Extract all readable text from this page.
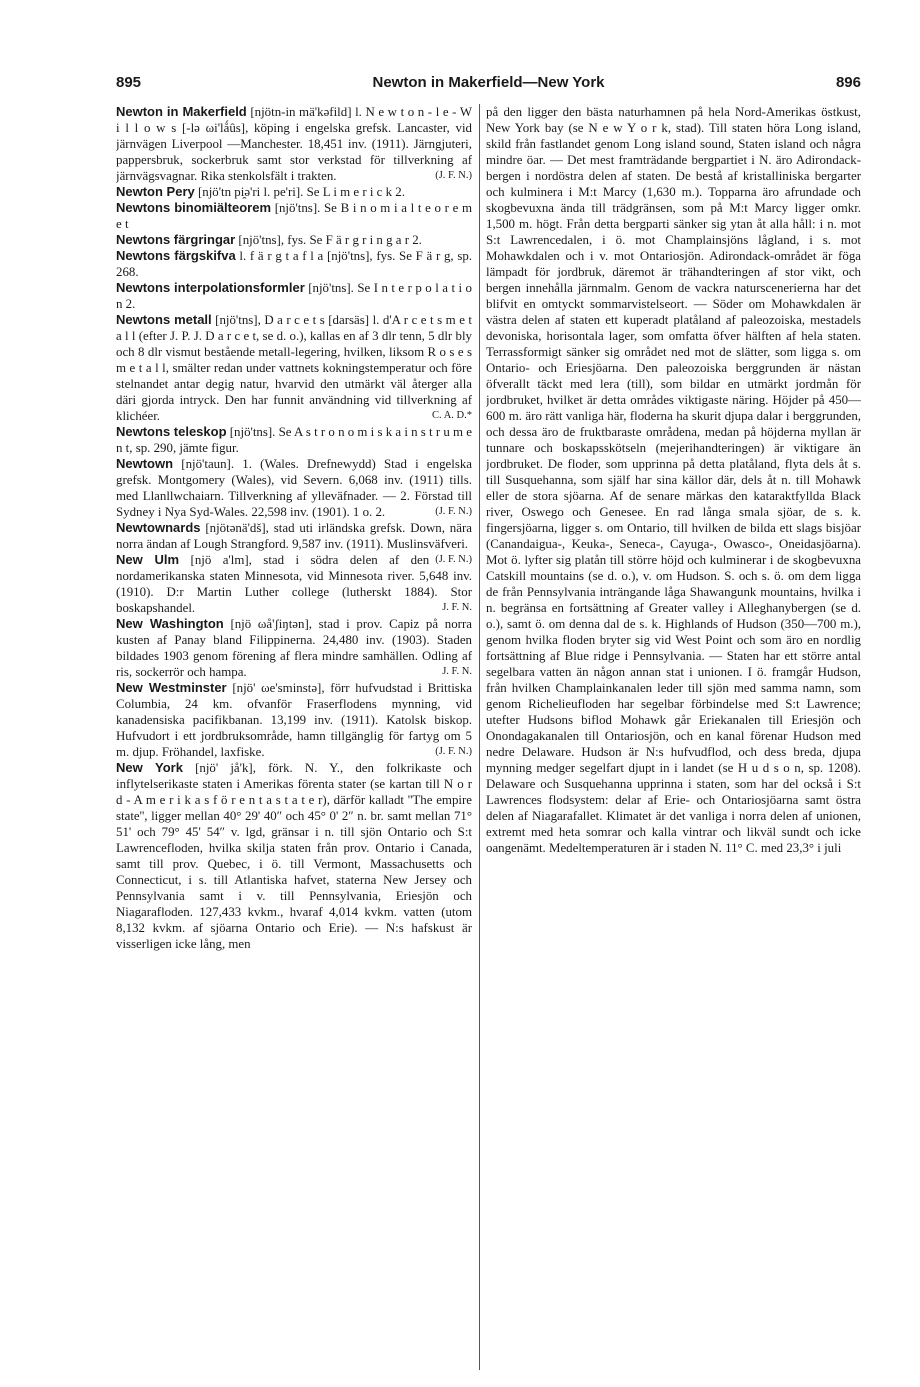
895	Newton in Makerfield—New York	896

Newton in Makerfield [njötn-in mä'kəfild] l. N e w t o n - l e - W i l l o w s [-lə ωi'lǻûs], köping i engelska grefsk. Lancaster, vid järnvägen Liverpool —Manchester. 18,451 inv. (1911). Järngjuteri, pappersbruk, sockerbruk samt stor verkstad för tillverkning af järnvägsvagnar. Rika stenkolsfält i trakten.	(J. F. N.)

Newton Pery [njö'tn pi̯ə'ri l. pe'ri]. Se L i m e r i c k 2.

Newtons binomiälteorem [njö'tns]. Se B i n o m i a l t e o r e m e t

Newtons färgringar [njö'tns], fys. Se F ä r g r i n g a r 2.

Newtons färgskifva l. f ä r g t a f l a [njö'tns], fys. Se F ä r g, sp. 268.

Newtons interpolationsformler [njö'tns]. Se I n t e r p o l a t i o n 2.

Newtons metall [njö'tns], D a r c e t s [darsäs] l. d'A r c e t s m e t a l l (efter J. P. J. D a r c e t, se d. o.), kallas en af 3 dlr tenn, 5 dlr bly och 8 dlr vismut bestående metall-legering, hvilken, liksom R o s e s m e t a l l, smälter redan under vattnets kokningstemperatur och före stelnandet antar degig natur, hvarvid den utmärkt väl återger alla däri gjorda intryck. Den har funnit användning vid tillverkning af klichéer.	C. A. D.*

Newtons teleskop [njö'tns]. Se A s t r o n o m i s k a i n s t r u m e n t, sp. 290, jämte figur.

Newtown [njö'taun]. 1. (Wales. Drefnewydd) Stad i engelska grefsk. Montgomery (Wales), vid Severn. 6,068 inv. (1911) tills. med Llanllwchaiarn. Tillverkning af ylleväfnader. — 2. Förstad till Sydney i Nya Syd-Wales. 22,598 inv. (1901). 1 o. 2.	(J. F. N.)

Newtownards [njötənä'dš], stad uti irländska grefsk. Down, nära norra ändan af Lough Strangford. 9,587 inv. (1911). Muslinsväfveri.
(J. F. N.)

New Ulm [njö a'lm], stad i södra delen af den nordamerikanska staten Minnesota, vid Minnesota river. 5,648 inv. (1910). D:r Martin Luther college (lutherskt 1884). Stor boskapshandel.	J. F. N.

New Washington [njö ωå'ʃiŋtən], stad i prov. Capiz på norra kusten af Panay bland Filippinerna. 24,480 inv. (1903). Staden bildades 1903 genom förening af flera mindre samhällen. Odling af ris, sockerrör och hampa.	J. F. N.

New Westminster [njö' ωe'sminstə], förr hufvudstad i Brittiska Columbia, 24 km. ofvanför Fraserflodens mynning, vid kanadensiska pacifikbanan. 13,199 inv. (1911). Katolsk biskop. Hufvudort i ett jordbruksområde, hamn tillgänglig för fartyg om 5 m. djup. Fröhandel, laxfiske.	(J. F. N.)

New York [njö' jå'k], förk. N. Y., den folkrikaste och inflytelserikaste staten i Amerikas förenta stater (se kartan till N o r d - A m e r i k a s f ö r e n t a s t a t e r), därför kalladt ''The empire state'', ligger mellan 40° 29' 40″ och 45° 0' 2″ n. br. samt mellan 71° 51' och 79° 45' 54″ v. lgd, gränsar i n. till sjön Ontario och S:t Lawrencefloden, hvilka skilja staten från prov. Ontario i Canada, samt till prov. Quebec, i ö. till Vermont, Massachusetts och Connecticut, i s. till Atlantiska hafvet, staterna New Jersey och Pennsylvania samt i v. till Pennsylvania, Eriesjön och Niagarafloden. 127,433 kvkm., hvaraf 4,014 kvkm. vatten (utom 8,132 kvkm. af sjöarna Ontario och Erie). — N:s hafskust är visserligen icke lång, men

på den ligger den bästa naturhamnen på hela Nord-Amerikas östkust, New York bay (se N e w Y o r k, stad). Till staten höra Long island, skild från fastlandet genom Long island sound, Staten island och några mindre öar. — Det mest framträdande bergpartiet i N. äro Adirondack-bergen i nordöstra delen af staten. De bestå af kristalliniska bergarter och kulminera i M:t Marcy (1,630 m.). Topparna äro afrundade och skogbevuxna ända till trädgränsen, som på M:t Marcy ligger omkr. 1,500 m. högt. Från detta bergparti sänker sig ytan åt alla håll: i n. mot S:t Lawrencedalen, i ö. mot Champlainsjöns lågland, i s. mot Mohawkdalen och i v. mot Ontariosjön. Adirondack-området är föga lämpadt för jordbruk, däremot är trähandteringen af stor vikt, och bergen innehålla järnmalm. Genom de vackra naturscenerierna har det blifvit en omtyckt sommarvistelseort. — Söder om Mohawkdalen är västra delen af staten ett kuperadt platåland af paleozoiska, mestadels devoniska, horisontala lager, som omfatta öfver hälften af hela staten. Terrassformigt sänker sig området ned mot de slätter, som ligga s. om Ontario- och Eriesjöarna. Den paleozoiska berggrunden är nästan öfverallt täckt med lera (till), som bildar en utmärkt jordmån för jordbruket, hvilket är detta områdes viktigaste näring. Höjder på 450—600 m. äro rätt vanliga här, floderna ha skurit djupa dalar i berggrunden, och dessa äro de fruktbaraste områdena, medan på höjderna myllan är tunnare och boskapsskötseln (mejerihandteringen) är viktigare än jordbruket. De floder, som upprinna på detta platåland, flyta dels åt s. till Susquehanna, som själf har sina källor där, dels åt n. till Mohawk eller de stora sjöarna. Af de senare märkas den kataraktfyllda Black river, Oswego och Genesee. En rad långa smala sjöar, de s. k. fingersjöarna, ligger s. om Ontario, till hvilken de bilda ett slags bisjöar (Canandaigua-, Keuka-, Seneca-, Cayuga-, Owasco-, Oneidasjöarna). Mot ö. lyfter sig platån till större höjd och kulminerar i de skogbevuxna Catskill mountains (se d. o.), v. om Hudson. S. och s. ö. om dem ligga de från Pennsylvania inträngande låga Shawangunk mountains, hvilka i n. begränsa en fortsättning af Greater valley i Alleghanybergen (se d. o.), samt ö. om denna dal de s. k. Highlands of Hudson (350—700 m.), genom hvilka floden bryter sig vid West Point och som äro en nordlig fortsättning af Blue ridge i Pennsylvania. — Staten har ett större antal segelbara vatten än någon annan stat i unionen. I ö. framgår Hudson, från hvilken Champlainkanalen leder till sjön med samma namn, som genom Richelieufloden har segelbar förbindelse med S:t Lawrence; utefter Hudsons biflod Mohawk går Eriekanalen till Eriesjön och Onondagakanalen till Ontariosjön, och en kanal förenar Hudson med nedre Delaware. Hudson är N:s hufvudflod, och dess breda, djupa mynning medger segelfart djupt in i landet (se H u d s o n, sp. 1208). Delaware och Susquehanna upprinna i staten, som har del också i S:t Lawrences flodsystem: delar af Erie- och Ontariosjöarna samt östra delen af Niagarafallet. Klimatet är det vanliga i norra delen af unionen, extremt med heta somrar och kalla vintrar och likväl sundt och icke oangenämt. Medeltemperaturen är i staden N. 11° C. med 23,3° i juli
